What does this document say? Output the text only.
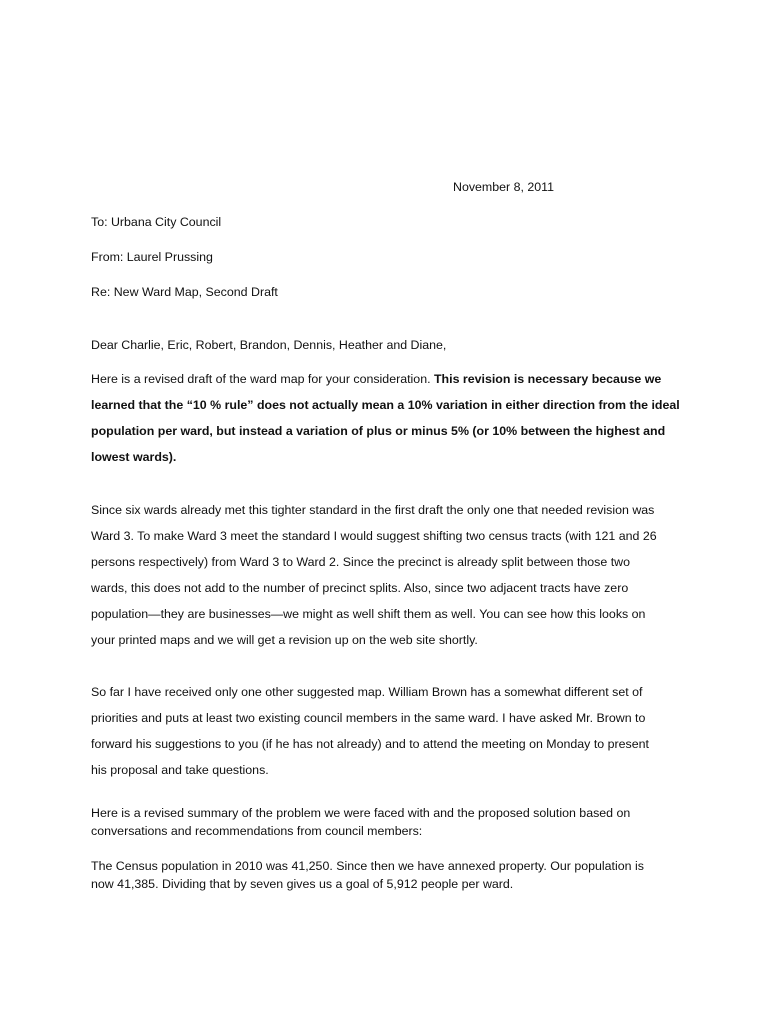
November 8, 2011
To: Urbana City Council
From: Laurel Prussing
Re: New Ward Map, Second Draft
Dear Charlie, Eric, Robert, Brandon, Dennis, Heather and Diane,
Here is a revised draft of the ward map for your consideration. This revision is necessary because we
learned that the “10 % rule” does not actually mean a 10% variation in either direction from the ideal
population per ward, but instead a variation of plus or minus 5% (or 10% between the highest and
lowest wards).
Since six wards already met this tighter standard in the first draft the only one that needed revision was
Ward 3. To make Ward 3 meet the standard I would suggest shifting two census tracts (with 121 and 26
persons respectively) from Ward 3 to Ward 2. Since the precinct is already split between those two
wards, this does not add to the number of precinct splits. Also, since two adjacent tracts have zero
population—they are businesses—we might as well shift them as well. You can see how this looks on
your printed maps and we will get a revision up on the web site shortly.
So far I have received only one other suggested map. William Brown has a somewhat different set of
priorities and puts at least two existing council members in the same ward. I have asked Mr. Brown to
forward his suggestions to you (if he has not already) and to attend the meeting on Monday to present
his proposal and take questions.
Here is a revised summary of the problem we were faced with and the proposed solution based on
conversations and recommendations from council members:
The Census population in 2010 was 41,250. Since then we have annexed property. Our population is
now 41,385. Dividing that by seven gives us a goal of 5,912 people per ward.
